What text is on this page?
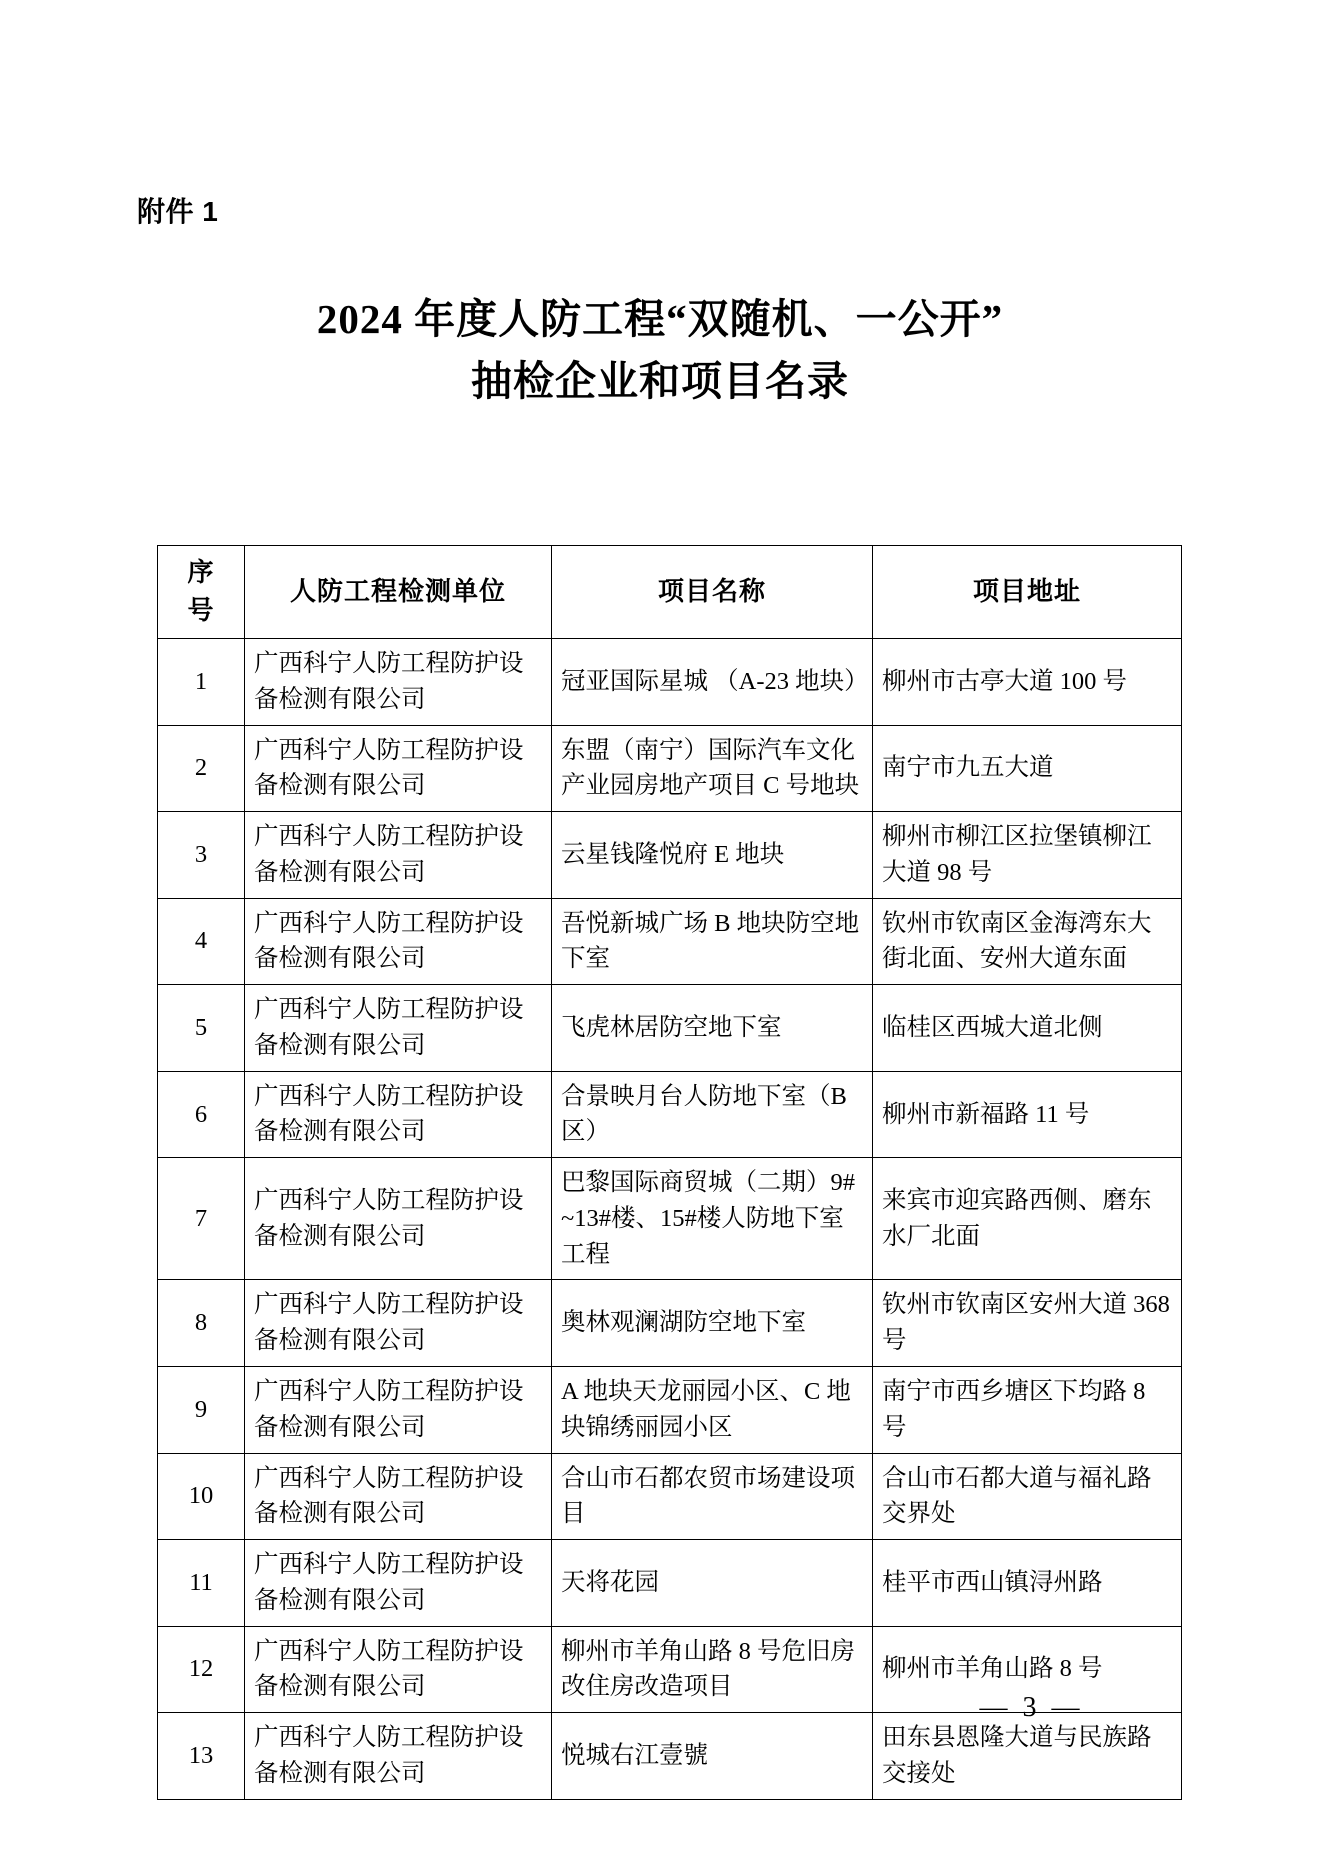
附件 1
2024 年度人防工程“双随机、一公开”
抽检企业和项目名录
序
号	人防工程检测单位	项目名称	项目地址
1	广西科宁人防工程防护设备检测有限公司	冠亚国际星城 （A-23 地块）	柳州市古亭大道 100 号
2	广西科宁人防工程防护设备检测有限公司	东盟（南宁）国际汽车文化产业园房地产项目 C 号地块	南宁市九五大道
3	广西科宁人防工程防护设备检测有限公司	云星钱隆悦府 E 地块	柳州市柳江区拉堡镇柳江大道 98 号
4	广西科宁人防工程防护设备检测有限公司	吾悦新城广场 B 地块防空地下室	钦州市钦南区金海湾东大街北面、安州大道东面
5	广西科宁人防工程防护设备检测有限公司	飞虎林居防空地下室	临桂区西城大道北侧
6	广西科宁人防工程防护设备检测有限公司	合景映月台人防地下室（B 区）	柳州市新福路 11 号
7	广西科宁人防工程防护设备检测有限公司	巴黎国际商贸城（二期）9#~13#楼、15#楼人防地下室工程	来宾市迎宾路西侧、磨东水厂北面
8	广西科宁人防工程防护设备检测有限公司	奥林观澜湖防空地下室	钦州市钦南区安州大道 368 号
9	广西科宁人防工程防护设备检测有限公司	A 地块天龙丽园小区、C 地块锦绣丽园小区	南宁市西乡塘区下均路 8 号
10	广西科宁人防工程防护设备检测有限公司	合山市石都农贸市场建设项目	合山市石都大道与福礼路交界处
11	广西科宁人防工程防护设备检测有限公司	天将花园	桂平市西山镇浔州路
12	广西科宁人防工程防护设备检测有限公司	柳州市羊角山路 8 号危旧房改住房改造项目	柳州市羊角山路 8 号
13	广西科宁人防工程防护设备检测有限公司	悦城右江壹號	田东县恩隆大道与民族路交接处
— 3 —
